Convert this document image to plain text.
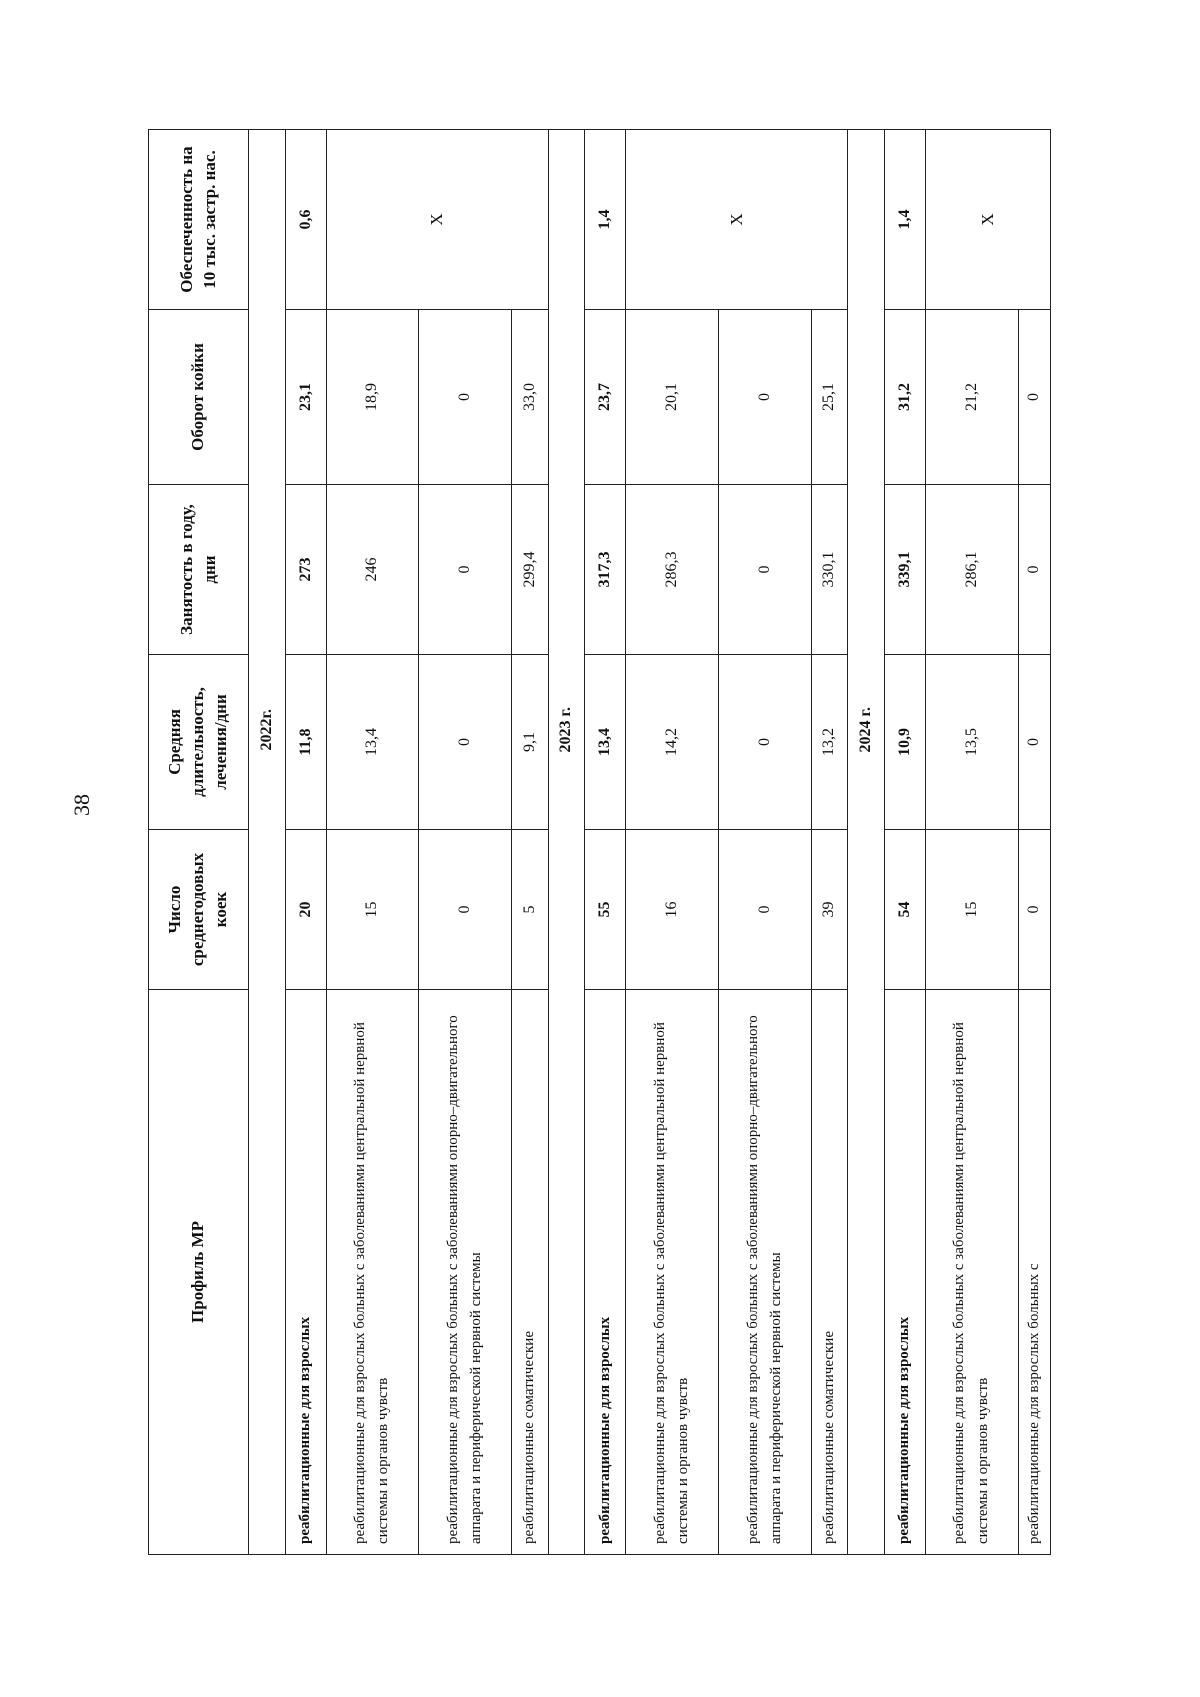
38
Профиль МР	Число среднегодовых коек	Средняя длительность, лечения/дни	Занятость в году, дни	Оборот койки	Обеспеченность на 10 тыс. застр. нас.
	2022г.				
реабилитационные для взрослых	20	11,8	273	23,1	0,6
реабилитационные для взрослых больных с заболеваниями центральной нервной системы и органов чувств	15	13,4	246	18,9	Х
реабилитационные для взрослых больных с заболеваниями опорно–двигательного аппарата и периферической нервной системы	0	0	0	0	
реабилитационные соматические	5	9,1	299,4	33,0	
	2023 г.				
реабилитационные для взрослых	55	13,4	317,3	23,7	1,4
реабилитационные для взрослых больных с заболеваниями центральной нервной системы и органов чувств	16	14,2	286,3	20,1	Х
реабилитационные для взрослых больных с заболеваниями опорно–двигательного аппарата и периферической нервной системы	0	0	0	0	
реабилитационные соматические	39	13,2	330,1	25,1	
	2024 г.				
реабилитационные для взрослых	54	10,9	339,1	31,2	1,4
реабилитационные для взрослых больных с заболеваниями центральной нервной системы и органов чувств	15	13,5	286,1	21,2	Х
реабилитационные для взрослых больных с	0	0	0	0	
